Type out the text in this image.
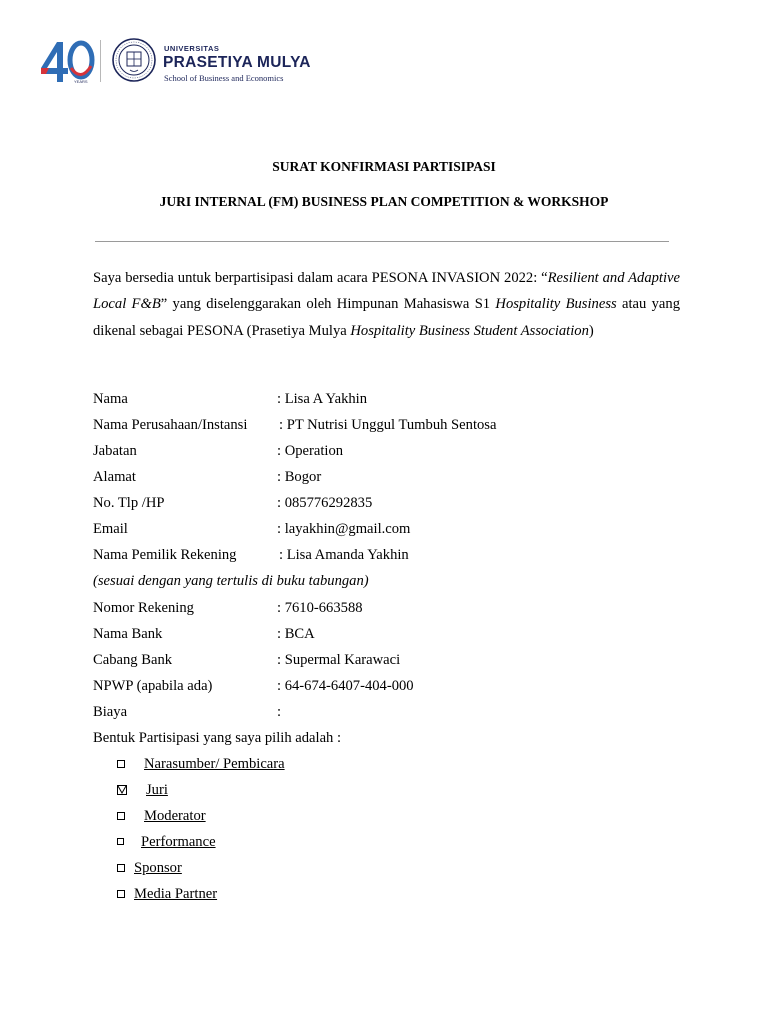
YEARS
UNIVERSITAS
PRASETIYA MULYA
School of Business and Economics
SURAT KONFIRMASI PARTISIPASI
JURI INTERNAL (FM) BUSINESS PLAN COMPETITION & WORKSHOP
Saya bersedia untuk berpartisipasi dalam acara PESONA INVASION 2022: “Resilient and Adaptive Local F&B” yang diselenggarakan oleh Himpunan Mahasiswa S1 Hospitality Business atau yang dikenal sebagai PESONA (Prasetiya Mulya Hospitality Business Student Association)
Nama	: Lisa A Yakhin
Nama Perusahaan/Instansi : PT Nutrisi Unggul Tumbuh Sentosa
Jabatan	: Operation
Alamat	: Bogor
No. Tlp /HP	: 085776292835
Email	: layakhin@gmail.com
Nama Pemilik Rekening	: Lisa Amanda Yakhin
(sesuai dengan yang tertulis di buku tabungan)
Nomor Rekening	: 7610-663588
Nama Bank	: BCA
Cabang Bank	: Supermal Karawaci
NPWP (apabila ada)	: 64-674-6407-404-000
Biaya	:
Bentuk Partisipasi yang saya pilih adalah :
Narasumber/ Pembicara
Juri
Moderator
Performance
Sponsor
Media Partner
